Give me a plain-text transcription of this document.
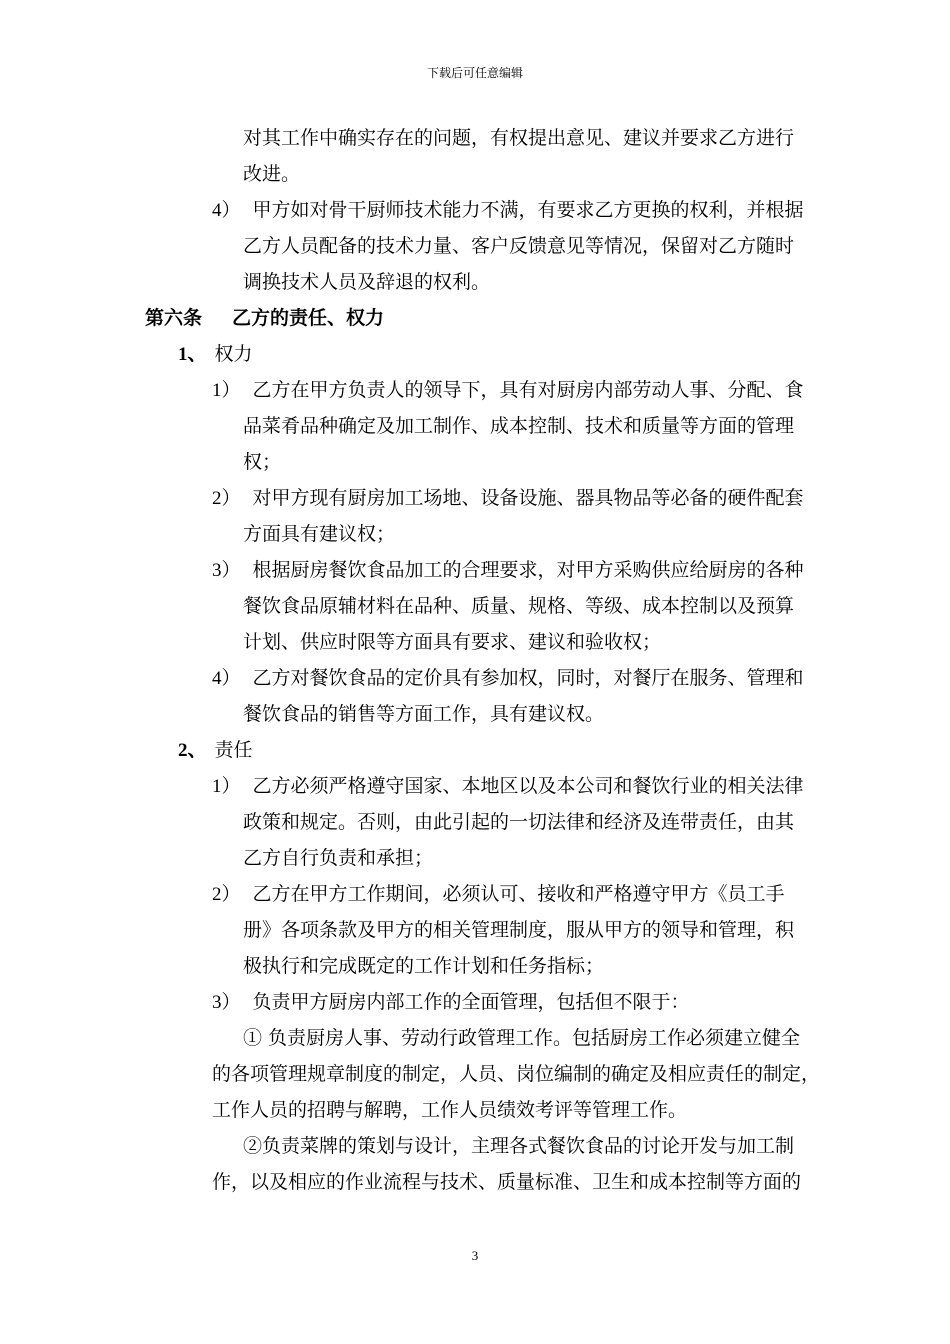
下载后可任意编辑
对其工作中确实存在的问题，有权提出意见、建议并要求乙方进行
改进。
4） 甲方如对骨干厨师技术能力不满，有要求乙方更换的权利，并根据
乙方人员配备的技术力量、客户反馈意见等情况，保留对乙方随时
调换技术人员及辞退的权利。
第六条 乙方的责任、权力
1、 权力
1） 乙方在甲方负责人的领导下，具有对厨房内部劳动人事、分配、食
品菜肴品种确定及加工制作、成本控制、技术和质量等方面的管理
权；
2） 对甲方现有厨房加工场地、设备设施、器具物品等必备的硬件配套
方面具有建议权；
3） 根据厨房餐饮食品加工的合理要求，对甲方采购供应给厨房的各种
餐饮食品原辅材料在品种、质量、规格、等级、成本控制以及预算
计划、供应时限等方面具有要求、建议和验收权；
4） 乙方对餐饮食品的定价具有参加权，同时，对餐厅在服务、管理和
餐饮食品的销售等方面工作，具有建议权。
2、 责任
1） 乙方必须严格遵守国家、本地区以及本公司和餐饮行业的相关法律
政策和规定。否则，由此引起的一切法律和经济及连带责任，由其
乙方自行负责和承担；
2） 乙方在甲方工作期间，必须认可、接收和严格遵守甲方《员工手
册》各项条款及甲方的相关管理制度，服从甲方的领导和管理，积
极执行和完成既定的工作计划和任务指标；
3） 负责甲方厨房内部工作的全面管理，包括但不限于：
① 负责厨房人事、劳动行政管理工作。包括厨房工作必须建立健全
的各项管理规章制度的制定，人员、岗位编制的确定及相应责任的制定，
工作人员的招聘与解聘，工作人员绩效考评等管理工作。
②负责菜牌的策划与设计，主理各式餐饮食品的讨论开发与加工制
作，以及相应的作业流程与技术、质量标准、卫生和成本控制等方面的
3
